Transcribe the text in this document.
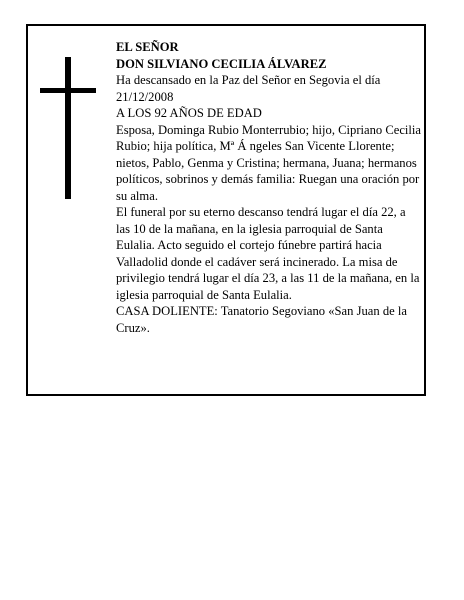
EL SEÑOR

DON SILVIANO CECILIA ÁLVAREZ

Ha descansado en la Paz del Señor en Segovia el día 21/12/2008

A LOS 92 AÑOS DE EDAD

Esposa, Dominga Rubio Monterrubio; hijo, Cipriano Cecilia Rubio; hija política, Mª Á ngeles San Vicente Llorente; nietos, Pablo, Genma y Cristina; hermana, Juana; hermanos políticos, sobrinos y demás familia: Ruegan una oración por su alma.

El funeral por su eterno descanso tendrá lugar el día 22, a las 10 de la mañana, en la iglesia parroquial de Santa Eulalia. Acto seguido el cortejo fúnebre partirá hacia Valladolid donde el cadáver será incinerado. La misa de privilegio tendrá lugar el día 23, a las 11 de la mañana, en la iglesia parroquial de Santa Eulalia.

CASA DOLIENTE: Tanatorio Segoviano «San Juan de la Cruz».
